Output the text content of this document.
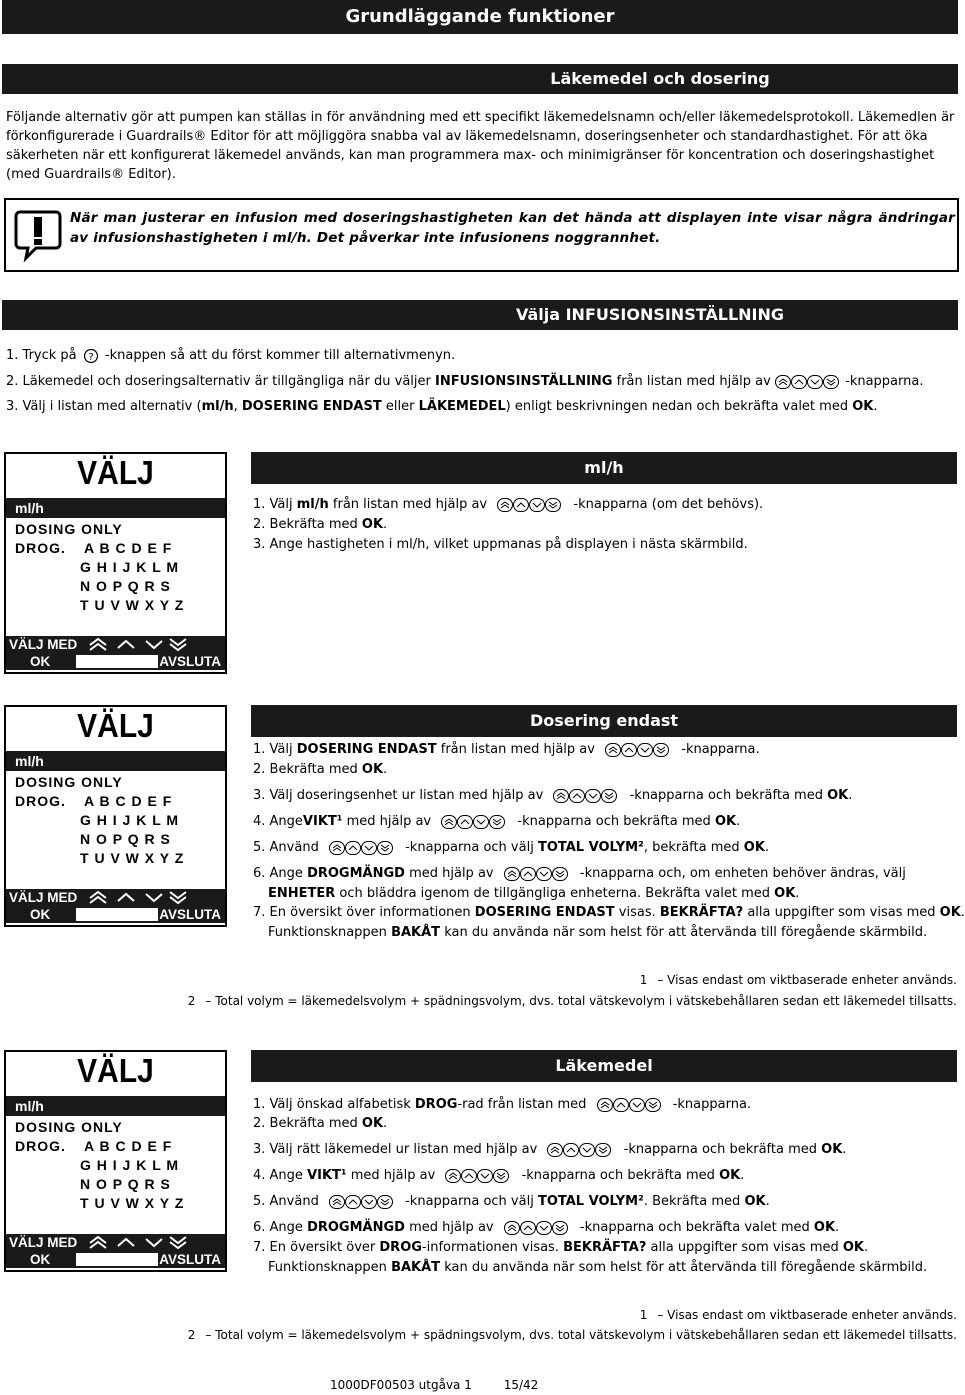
Grundläggande funktioner
Läkemedel och dosering
Följande alternativ gör att pumpen kan ställas in för användning med ett specifikt läkemedelsnamn och/eller läkemedelsprotokoll. Läkemedlen är förkonfigurerade i Guardrails® Editor för att möjliggöra snabba val av läkemedelsnamn, doseringsenheter och standardhastighet. För att öka säkerheten när ett konfigurerat läkemedel används, kan man programmera max- och minimigränser för koncentration och doseringshastighet (med Guardrails® Editor).
När man justerar en infusion med doseringshastigheten kan det hända att displayen inte visar några ändringar av infusionshastigheten i ml/h. Det påverkar inte infusionens noggrannhet.
Välja INFUSIONSINSTÄLLNING
1. Tryck på ? -knappen så att du först kommer till alternativmenyn.
2. Läkemedel och doseringsalternativ är tillgängliga när du väljer INFUSIONSINSTÄLLNING från listan med hjälp av	-knapparna.
3. Välj i listan med alternativ (ml/h, DOSERING ENDAST eller LÄKEMEDEL) enligt beskrivningen nedan och bekräfta valet med OK.
VÄLJ
ml/h
DOSING ONLY
DROG. A B C D E F
G H I J K L M
N O P Q R S
T U V W X Y Z
VÄLJ MED
OK	AVSLUTA
VÄLJ
ml/h
DOSING ONLY
DROG. A B C D E F
G H I J K L M
N O P Q R S
T U V W X Y Z
VÄLJ MED
OK	AVSLUTA
VÄLJ
ml/h
DOSING ONLY
DROG. A B C D E F
G H I J K L M
N O P Q R S
T U V W X Y Z
VÄLJ MED
OK	AVSLUTA
ml/h
1. Välj ml/h från listan med hjälp av	-knapparna (om det behövs).
2. Bekräfta med OK.
3. Ange hastigheten i ml/h, vilket uppmanas på displayen i nästa skärmbild.
Dosering endast
1. Välj DOSERING ENDAST från listan med hjälp av	-knapparna.
2. Bekräfta med OK.
3. Välj doseringsenhet ur listan med hjälp av	-knapparna och bekräfta med OK.
4. AngeVIKT¹ med hjälp av	-knapparna och bekräfta med OK.
5. Använd	-knapparna och välj TOTAL VOLYM², bekräfta med OK.
6. Ange DROGMÄNGD med hjälp av	-knapparna och, om enheten behöver ändras, välj
ENHETER och bläddra igenom de tillgängliga enheterna. Bekräfta valet med OK.
7. En översikt över informationen DOSERING ENDAST visas. BEKRÄFTA? alla uppgifter som visas med OK.
Funktionsknappen BAKÅT kan du använda när som helst för att återvända till föregående skärmbild.
1 – Visas endast om viktbaserade enheter används.
2 – Total volym = läkemedelsvolym + spädningsvolym, dvs. total vätskevolym i vätskebehållaren sedan ett läkemedel tillsatts.
Läkemedel
1. Välj önskad alfabetisk DROG-rad från listan med	-knapparna.
2. Bekräfta med OK.
3. Välj rätt läkemedel ur listan med hjälp av	-knapparna och bekräfta med OK.
4. Ange VIKT¹ med hjälp av	-knapparna och bekräfta med OK.
5. Använd	-knapparna och välj TOTAL VOLYM². Bekräfta med OK.
6. Ange DROGMÄNGD med hjälp av	-knapparna och bekräfta valet med OK.
7. En översikt över DROG-informationen visas. BEKRÄFTA? alla uppgifter som visas med OK.
Funktionsknappen BAKÅT kan du använda när som helst för att återvända till föregående skärmbild.
1 – Visas endast om viktbaserade enheter används.
2 – Total volym = läkemedelsvolym + spädningsvolym, dvs. total vätskevolym i vätskebehållaren sedan ett läkemedel tillsatts.
1000DF00503 utgåva 1	15/42
